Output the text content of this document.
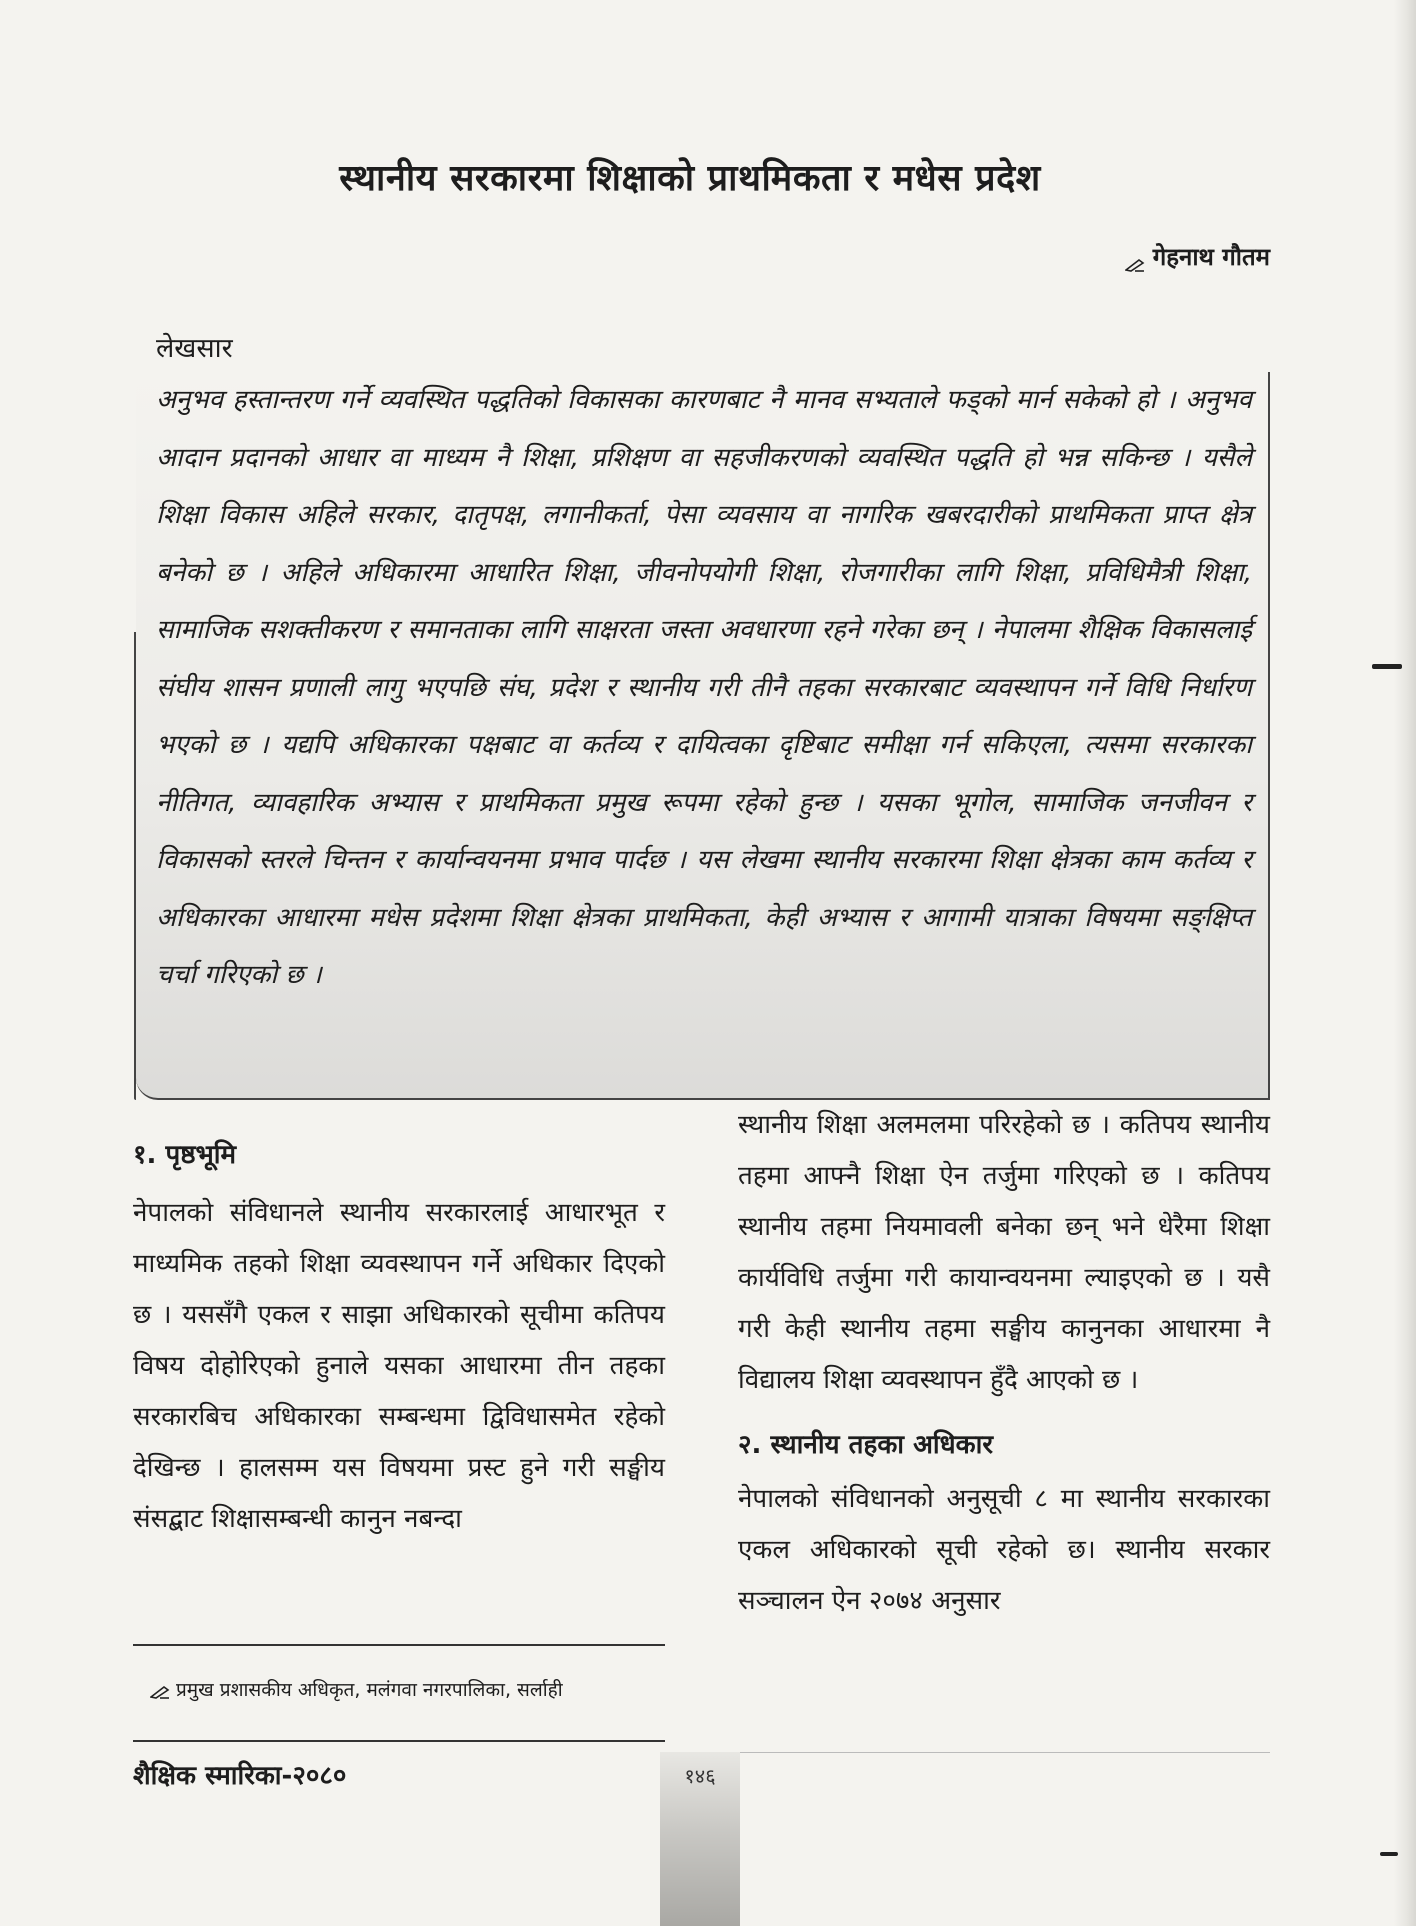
स्थानीय सरकारमा शिक्षाको प्राथमिकता र मधेस प्रदेश
गेहनाथ गौतम
लेखसार

अनुभव हस्तान्तरण गर्ने व्यवस्थित पद्धतिको विकासका कारणबाट नै मानव सभ्यताले फड्को मार्न सकेको हो । अनुभव आदान प्रदानको आधार वा माध्यम नै शिक्षा, प्रशिक्षण वा सहजीकरणको व्यवस्थित पद्धति हो भन्न सकिन्छ । यसैले शिक्षा विकास अहिले सरकार, दातृपक्ष, लगानीकर्ता, पेसा व्यवसाय वा नागरिक खबरदारीको प्राथमिकता प्राप्त क्षेत्र बनेको छ । अहिले अधिकारमा आधारित शिक्षा, जीवनोपयोगी शिक्षा, रोजगारीका लागि शिक्षा, प्रविधिमैत्री शिक्षा, सामाजिक सशक्तीकरण र समानताका लागि साक्षरता जस्ता अवधारणा रहने गरेका छन् । नेपालमा शैक्षिक विकासलाई संघीय शासन प्रणाली लागु भएपछि संघ, प्रदेश र स्थानीय गरी तीनै तहका सरकारबाट व्यवस्थापन गर्ने विधि निर्धारण भएको छ । यद्यपि अधिकारका पक्षबाट वा कर्तव्य र दायित्वका दृष्टिबाट समीक्षा गर्न सकिएला, त्यसमा सरकारका नीतिगत, व्यावहारिक अभ्यास र प्राथमिकता प्रमुख रूपमा रहेको हुन्छ । यसका भूगोल, सामाजिक जनजीवन र विकासको स्तरले चिन्तन र कार्यान्वयनमा प्रभाव पार्दछ । यस लेखमा स्थानीय सरकारमा शिक्षा क्षेत्रका काम कर्तव्य र अधिकारका आधारमा मधेस प्रदेशमा शिक्षा क्षेत्रका प्राथमिकता, केही अभ्यास र आगामी यात्राका विषयमा सङ्क्षिप्त चर्चा गरिएको छ ।

१. पृष्ठभूमि

नेपालको संविधानले स्थानीय सरकारलाई आधारभूत र माध्यमिक तहको शिक्षा व्यवस्थापन गर्ने अधिकार दिएको छ । यससँगै एकल र साझा अधिकारको सूचीमा कतिपय विषय दोहोरिएको हुनाले यसका आधारमा तीन तहका सरकारबिच अधिकारका सम्बन्धमा द्विविधासमेत रहेको देखिन्छ । हालसम्म यस विषयमा प्रस्ट हुने गरी सङ्घीय संसद्बाट शिक्षासम्बन्धी कानुन नबन्दा

स्थानीय शिक्षा अलमलमा परिरहेको छ । कतिपय स्थानीय तहमा आफ्नै शिक्षा ऐन तर्जुमा गरिएको छ । कतिपय स्थानीय तहमा नियमावली बनेका छन् भने धेरैमा शिक्षा कार्यविधि तर्जुमा गरी कायान्वयनमा ल्याइएको छ । यसै गरी केही स्थानीय तहमा सङ्घीय कानुनका आधारमा नै विद्यालय शिक्षा व्यवस्थापन हुँदै आएको छ ।

२. स्थानीय तहका अधिकार

नेपालको संविधानको अनुसूची ८ मा स्थानीय सरकारका एकल अधिकारको सूची रहेको छ। स्थानीय सरकार सञ्चालन ऐन २०७४ अनुसार

प्रमुख प्रशासकीय अधिकृत, मलंगवा नगरपालिका, सर्लाही
शैक्षिक स्मारिका-२०८०	१४६
